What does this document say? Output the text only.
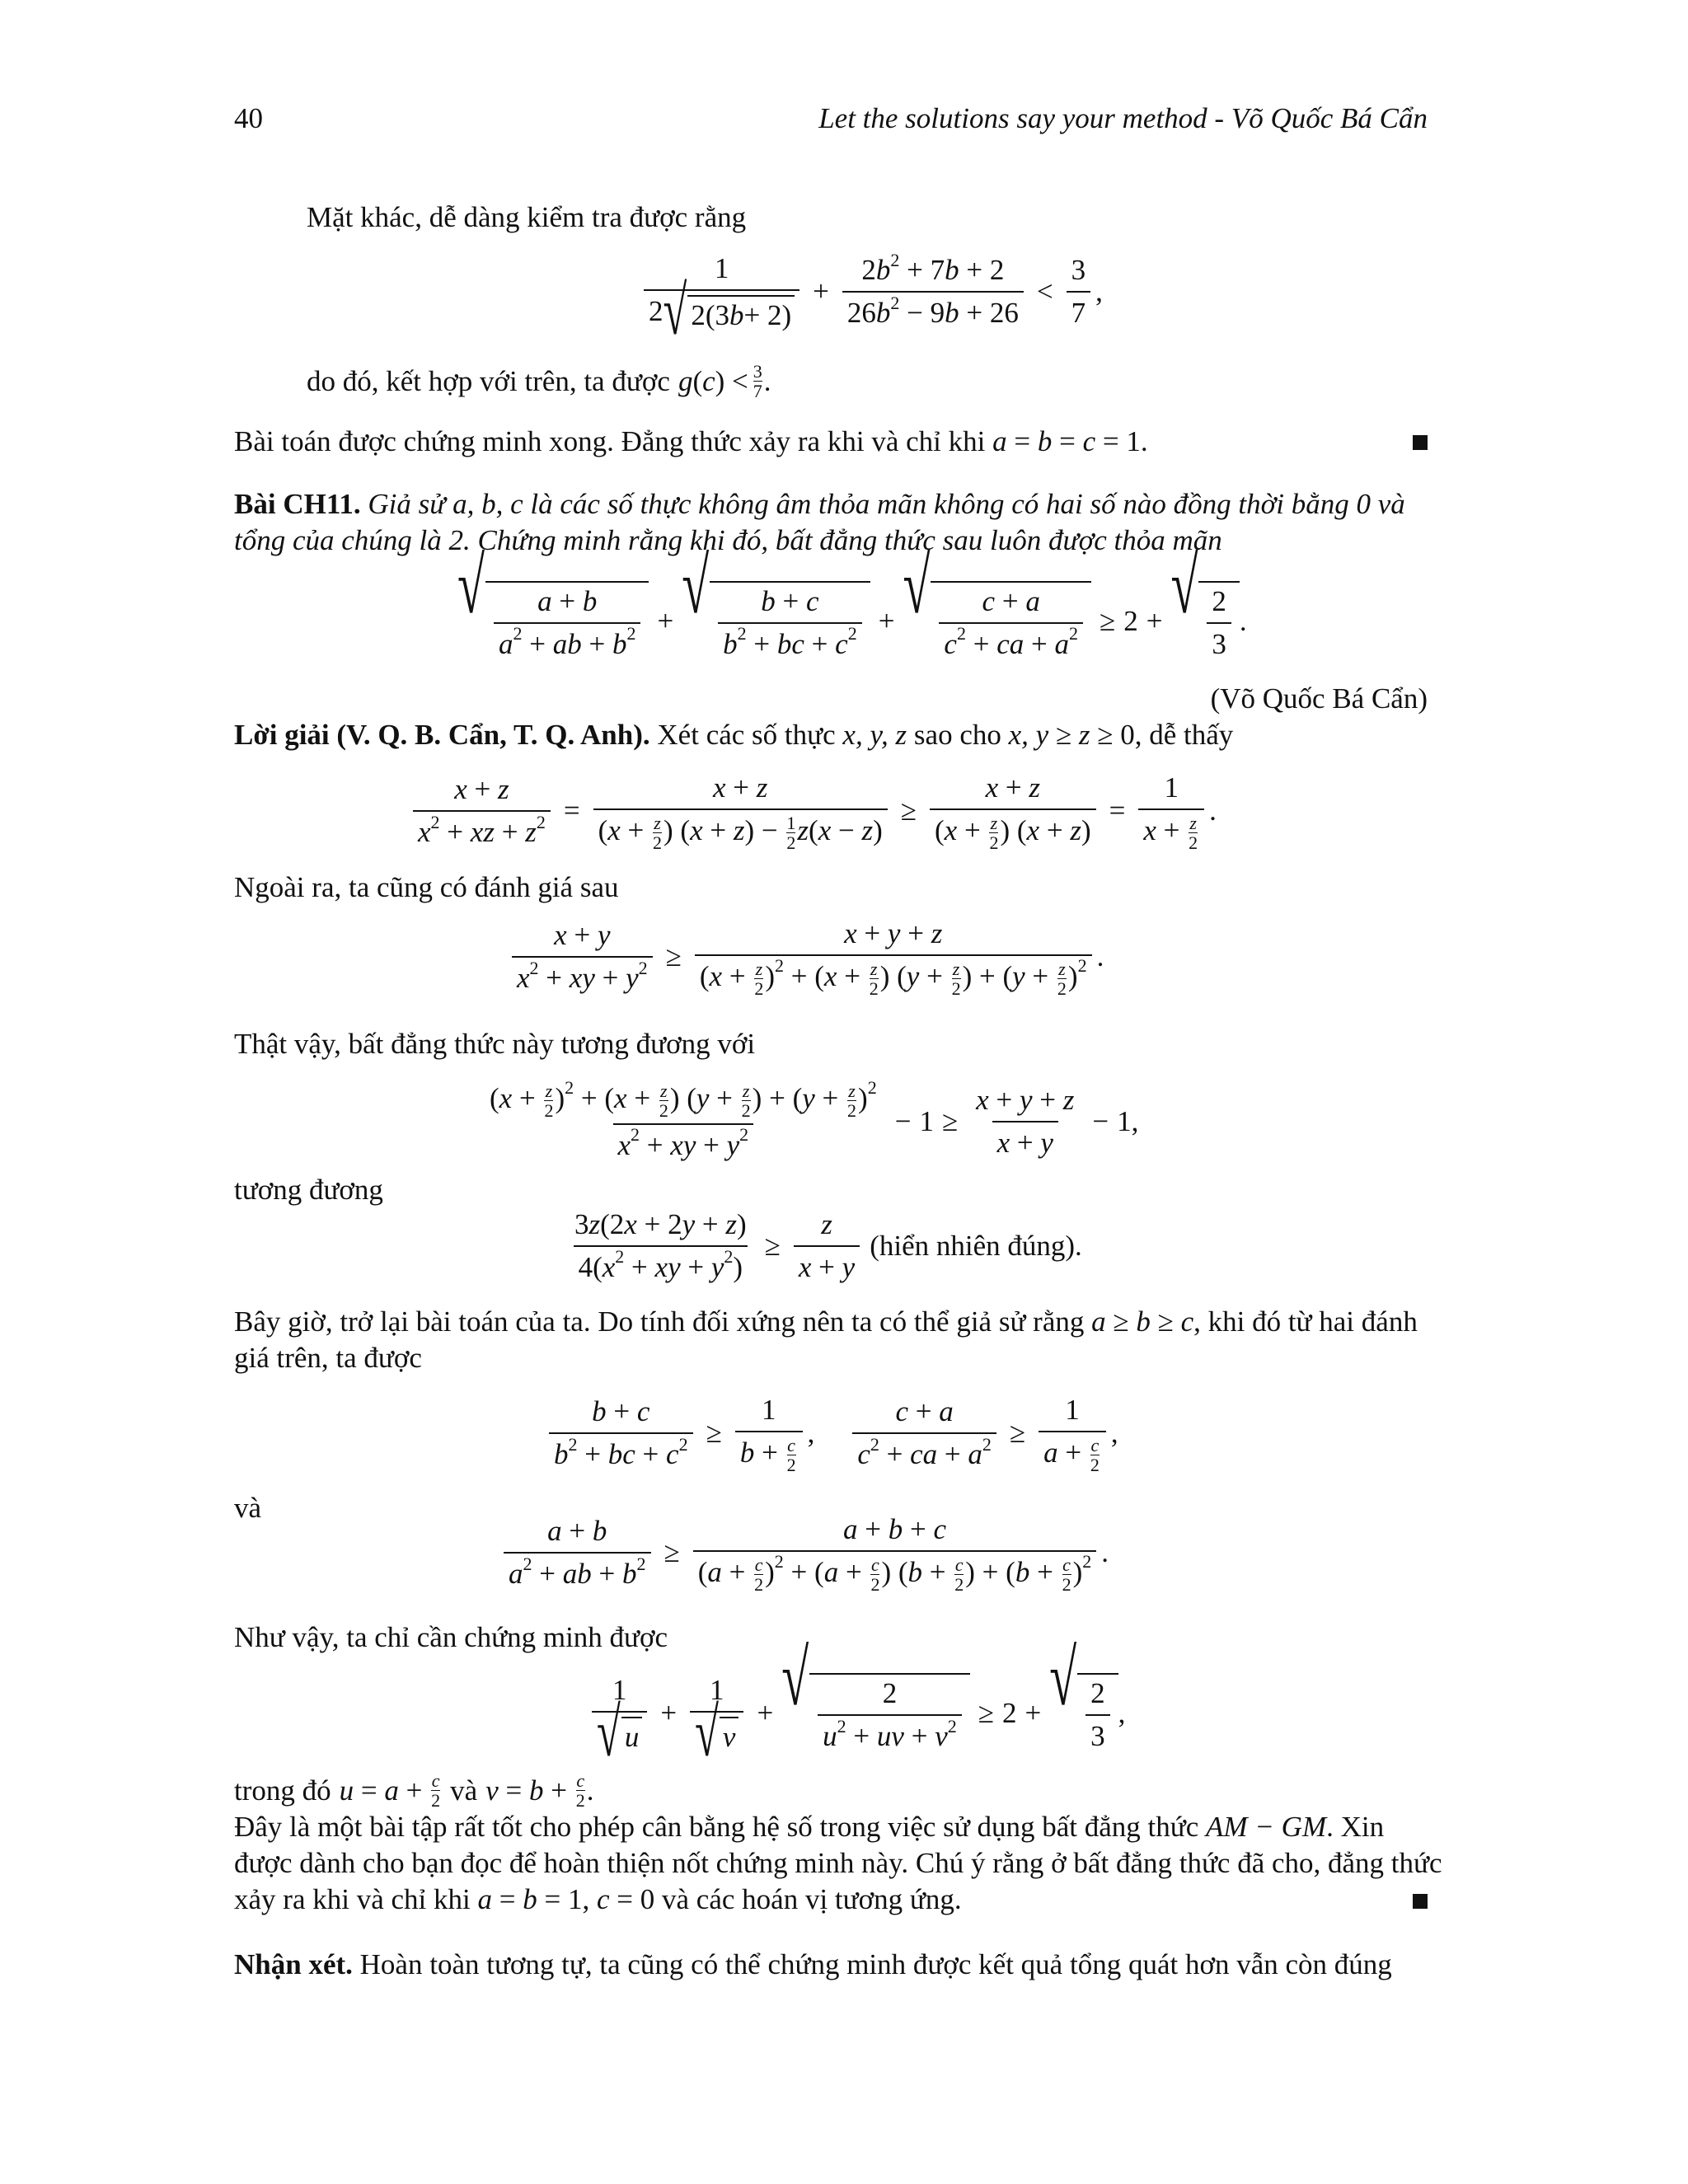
40	Let the solutions say your method - Võ Quốc Bá Cẩn
Mặt khác, dễ dàng kiểm tra được rằng
$\frac{1}{2 √ 2(3 b + 2)} + \frac{2b^2 + 7b + 2}{26b^2 - 9b + 26} < \frac{3}{7}$ ,
do đó, kết hợp với trên, ta được g(c) < 3
7 .
Bài toán được chứng minh xong. Đẳng thức xảy ra khi và chỉ khi a = b = c = 1.
Bài CH11. Giả sử a, b, c là các số thực không âm thỏa mãn không có hai số nào đồng thời bằng 0 và tổng của chúng là 2. Chứng minh rằng khi đó, bất đẳng thức sau luôn được thỏa mãn
√ $\frac{a + b}{a^2 + ab + b^2}$ + √ $\frac{b + c}{b^2 + bc + c^2}$ + √ $\frac{c + a}{c^2 + ca + a^2} \ge 2$ + √ $\frac{2}{3}$ .
(Võ Quốc Bá Cẩn)
Lời giải (V. Q. B. Cẩn, T. Q. Anh). Xét các số thực x, y, z sao cho x, y ≥ z ≥ 0, dễ thấy
$\frac{x + z}{x^2 + xz + z^2} = \frac{x + z}{(x + \frac{z}{2} ) (x + z) - \frac{1}{2} z(x - z)} \ge \frac{x + z}{(x + \frac{z}{2} ) (x + z)} = \frac{1}{x + \frac{z}{2}}$ .
Ngoài ra, ta cũng có đánh giá sau
$\frac{x + y}{x^2 + xy + y^2} \ge \frac{x + y + z}{(x + \frac{z}{2} )^2 + (x + \frac{z}{2} ) (y + \frac{z}{2} ) + (y + \frac{z}{2} )^2}$ .
Thật vậy, bất đẳng thức này tương đương với
$\frac{(x + \frac{z}{2} )^2 + (x + \frac{z}{2} ) (y + \frac{z}{2} ) + (y + \frac{z}{2} )^2}{x^2 + xy + y^2} - 1 \ge \frac{x + y + z}{x + y} - 1$,
tương đương
$\frac{3z(2x + 2y + z)}{4(x^2 + xy + y^2)} \ge \frac{z}{x + y}$ (hiển nhiên đúng).
Bây giờ, trở lại bài toán của ta. Do tính đối xứng nên ta có thể giả sử rằng a ≥ b ≥ c, khi đó từ hai đánh giá trên, ta được
$\frac{b + c}{b^2 + bc + c^2} \ge \frac{1}{b + \frac{c}{2}}$ , $\frac{c + a}{c^2 + ca + a^2} \ge \frac{1}{a + \frac{c}{2}}$ ,
và
$\frac{a + b}{a^2 + ab + b^2} \ge \frac{a + b + c}{(a + \frac{c}{2} )^2 + (a + \frac{c}{2} ) (b + \frac{c}{2} ) + (b + \frac{c}{2} )^2}$ .
Như vậy, ta chỉ cần chứng minh được
$\frac{1}{√ u} + \frac{1}{√ v}$ + √ $\frac{2}{u^2 + uv + v^2} \ge 2$ + √ $\frac{2}{3}$ ,
trong đó u = a + c
2 và v = b + c
2 .
Đây là một bài tập rất tốt cho phép cân bằng hệ số trong việc sử dụng bất đẳng thức AM − GM. Xin được dành cho bạn đọc để hoàn thiện nốt chứng minh này. Chú ý rằng ở bất đẳng thức đã cho, đẳng thức xảy ra khi và chỉ khi a = b = 1, c = 0 và các hoán vị tương ứng.
Nhận xét. Hoàn toàn tương tự, ta cũng có thể chứng minh được kết quả tổng quát hơn vẫn còn đúng
